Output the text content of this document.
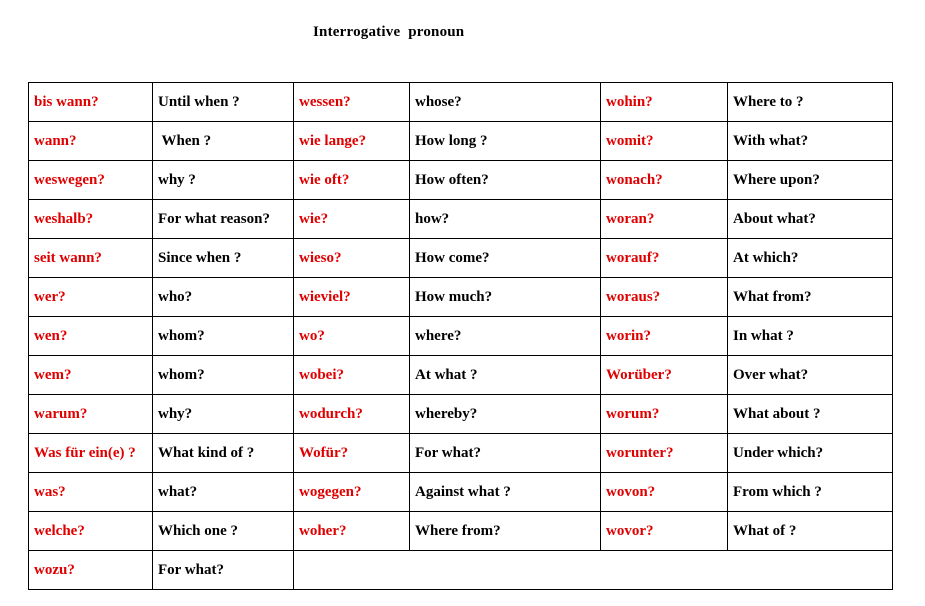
Interrogative  pronoun
bis wann?	Until when ?	wessen?	whose?	wohin?	Where to ?
wann?	When ?	wie lange?	How long ?	womit?	With what?
weswegen?	why ?	wie oft?	How often?	wonach?	Where upon?
weshalb?	For what reason?	wie?	how?	woran?	About what?
seit wann?	Since when ?	wieso?	How come?	worauf?	At which?
wer?	who?	wieviel?	How much?	woraus?	What from?
wen?	whom?	wo?	where?	worin?	In what ?
wem?	whom?	wobei?	At what ?	Worüber?	Over what?
warum?	why?	wodurch?	whereby?	worum?	What about ?
Was für ein(e) ?	What kind of ?	Wofür?	For what?	worunter?	Under which?
was?	what?	wogegen?	Against what ?	wovon?	From which ?
welche?	Which one ?	woher?	Where from?	wovor?	What of ?
wozu?	For what?				
